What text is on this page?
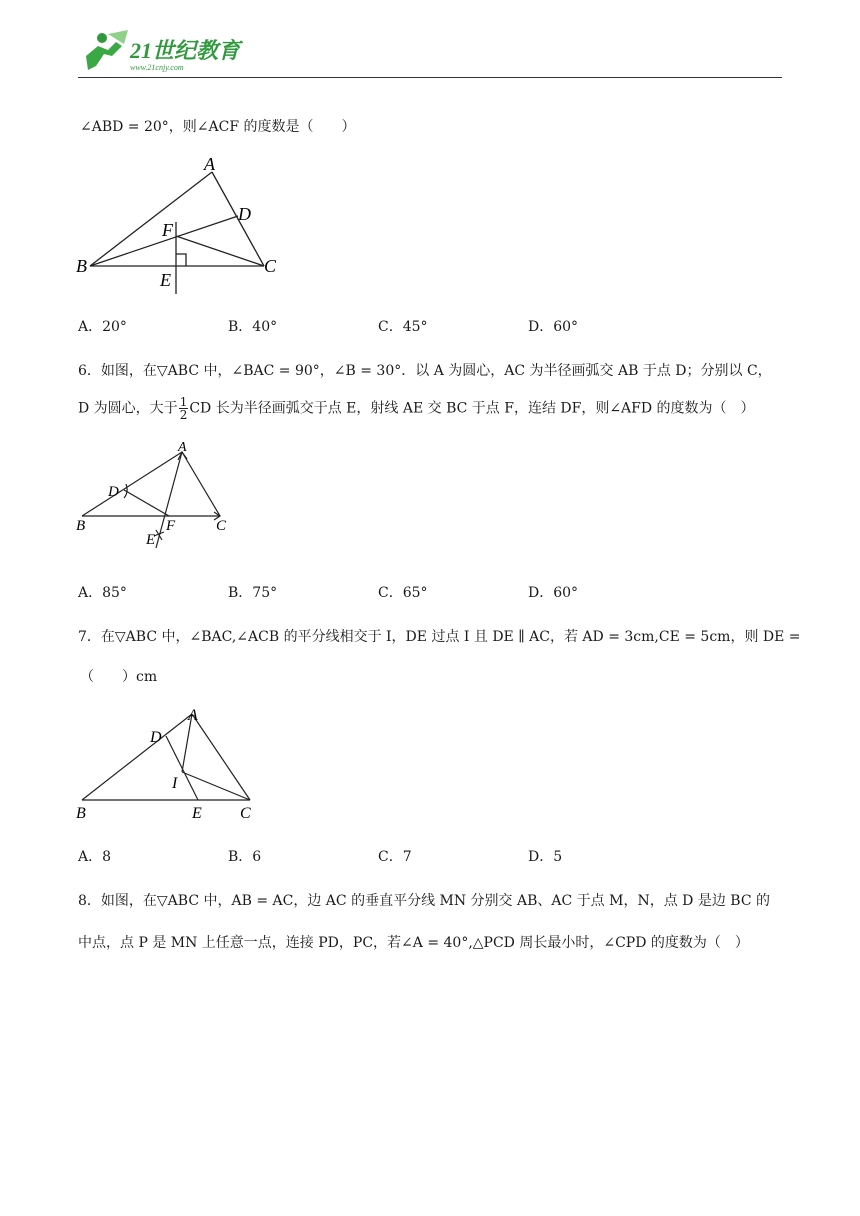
21世纪教育
www.21cnjy.com
∠ABD = 20°，则∠ACF 的度数是（　　）
A
B	C
D
E
F
A．20°	B．40°	C．45°	D．60°
6．如图，在▽ABC 中，∠BAC = 90°，∠B = 30°．以 A 为圆心，AC 为半径画弧交 AB 于点 D；分别以 C，
D 为圆心，大于 $\frac{1}{2}$ CD 长为半径画弧交于点 E，射线 AE 交 BC 于点 F，连结 DF，则∠AFD 的度数为（　）
A
B	C
D
E
F
A．85°	B．75°	C．65°	D．60°
7．在▽ABC 中，∠BAC,∠ACB 的平分线相交于 I，DE 过点 I 且 DE ∥ AC，若 AD = 3cm,CE = 5cm，则 DE =
（　　）cm
A
B	C
D
E
I
A．8	B．6	C．7	D．5
8．如图，在▽ABC 中，AB = AC，边 AC 的垂直平分线 MN 分别交 AB、AC 于点 M，N，点 D 是边 BC 的
中点，点 P 是 MN 上任意一点，连接 PD，PC，若∠A = 40°,△PCD 周长最小时，∠CPD 的度数为（　）
